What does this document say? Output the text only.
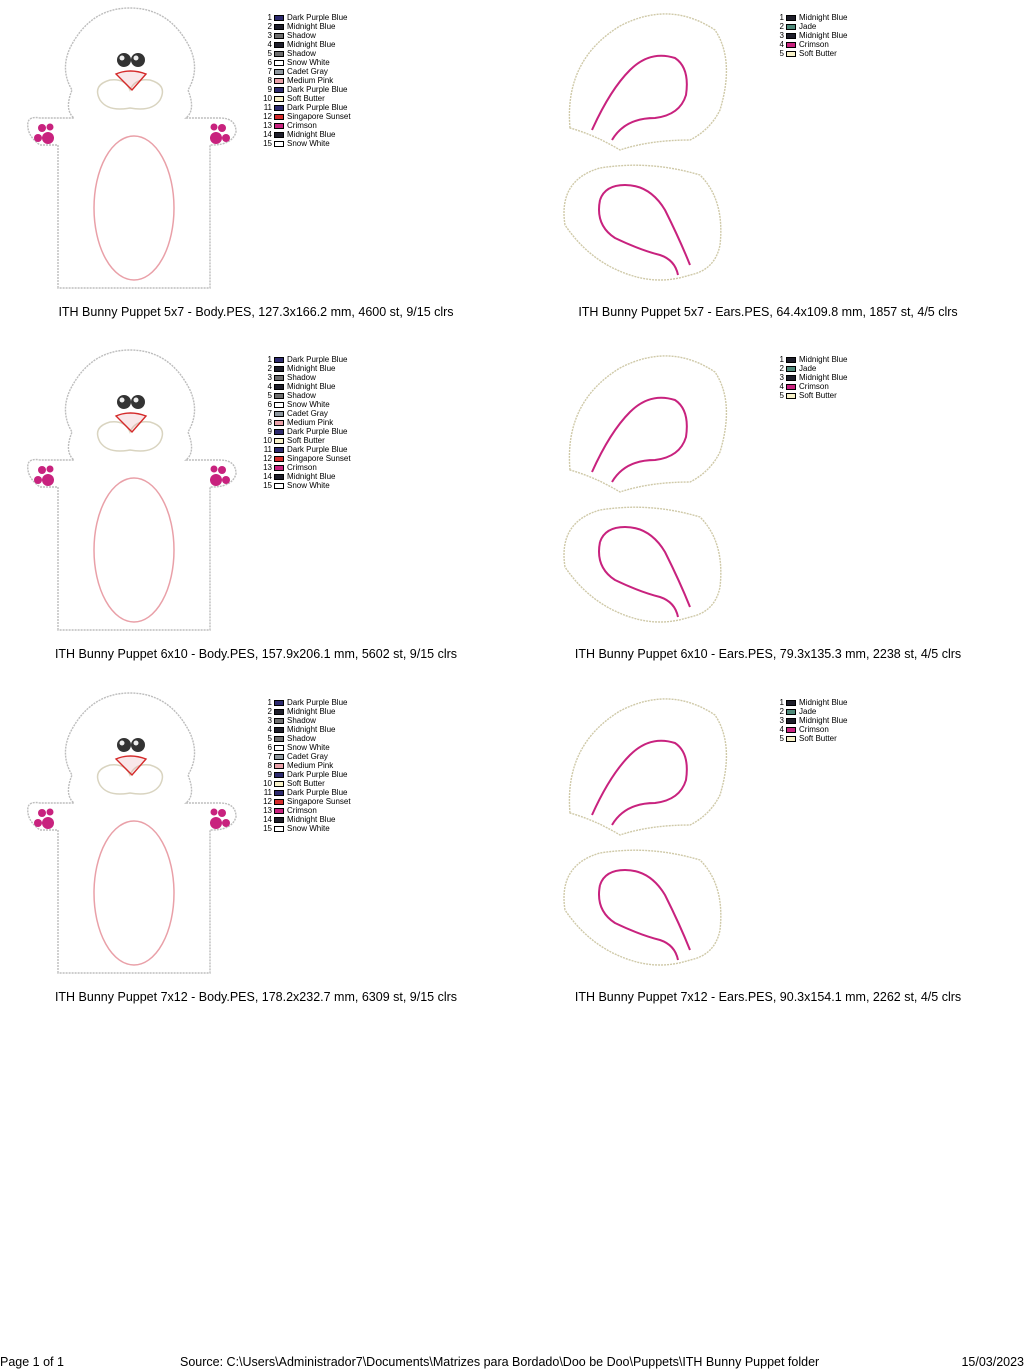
1 Dark Purple Blue
2 Midnight Blue
3 Shadow
4 Midnight Blue
5 Shadow
6 Snow White
7 Cadet Gray
8 Medium Pink
9 Dark Purple Blue
10 Soft Butter
11 Dark Purple Blue
12 Singapore Sunset
13 Crimson
14 Midnight Blue
15 Snow White
ITH Bunny Puppet 5x7 - Body.PES, 127.3x166.2 mm, 4600 st, 9/15 clrs
1 Midnight Blue
2 Jade
3 Midnight Blue
4 Crimson
5 Soft Butter
ITH Bunny Puppet 5x7 - Ears.PES, 64.4x109.8 mm, 1857 st, 4/5 clrs
1 Dark Purple Blue
2 Midnight Blue
3 Shadow
4 Midnight Blue
5 Shadow
6 Snow White
7 Cadet Gray
8 Medium Pink
9 Dark Purple Blue
10 Soft Butter
11 Dark Purple Blue
12 Singapore Sunset
13 Crimson
14 Midnight Blue
15 Snow White
ITH Bunny Puppet 6x10 - Body.PES, 157.9x206.1 mm, 5602 st, 9/15 clrs
1 Midnight Blue
2 Jade
3 Midnight Blue
4 Crimson
5 Soft Butter
ITH Bunny Puppet 6x10 - Ears.PES, 79.3x135.3 mm, 2238 st, 4/5 clrs
1 Dark Purple Blue
2 Midnight Blue
3 Shadow
4 Midnight Blue
5 Shadow
6 Snow White
7 Cadet Gray
8 Medium Pink
9 Dark Purple Blue
10 Soft Butter
11 Dark Purple Blue
12 Singapore Sunset
13 Crimson
14 Midnight Blue
15 Snow White
ITH Bunny Puppet 7x12 - Body.PES, 178.2x232.7 mm, 6309 st, 9/15 clrs
1 Midnight Blue
2 Jade
3 Midnight Blue
4 Crimson
5 Soft Butter
ITH Bunny Puppet 7x12 - Ears.PES, 90.3x154.1 mm, 2262 st, 4/5 clrs
Page 1 of 1	Source: C:\Users\Administrador7\Documents\Matrizes para Bordado\Doo be Doo\Puppets\ITH Bunny Puppet folder	15/03/2023
